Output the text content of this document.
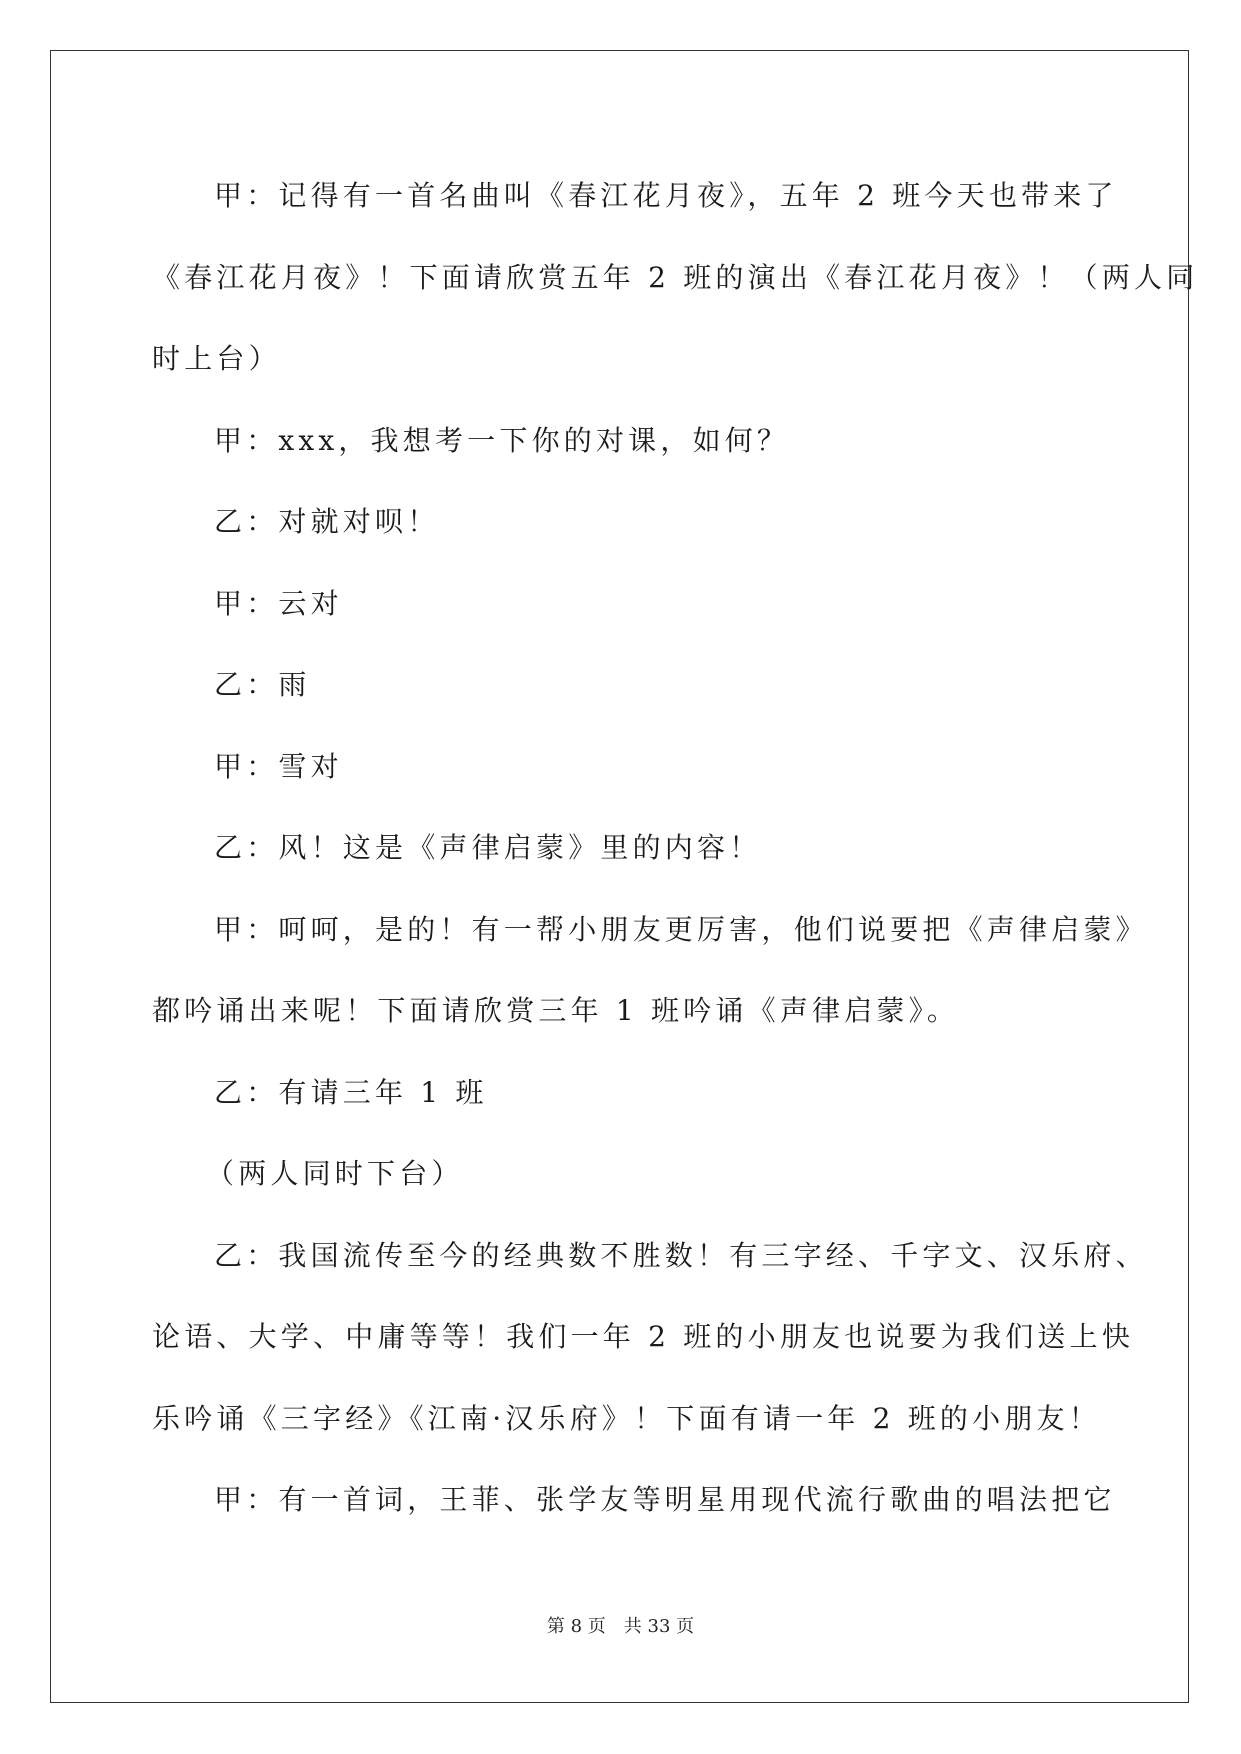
甲：记得有一首名曲叫《春江花月夜》，五年 2 班今天也带来了
《春江花月夜》！下面请欣赏五年 2 班的演出《春江花月夜》！（两人同
时上台）
甲：xxx，我想考一下你的对课，如何？
乙：对就对呗！
甲：云对
乙：雨
甲：雪对
乙：风！这是《声律启蒙》里的内容！
甲：呵呵，是的！有一帮小朋友更厉害，他们说要把《声律启蒙》
都吟诵出来呢！下面请欣赏三年 1 班吟诵《声律启蒙》。
乙：有请三年 1 班
（两人同时下台）
乙：我国流传至今的经典数不胜数！有三字经、千字文、汉乐府、
论语、大学、中庸等等！我们一年 2 班的小朋友也说要为我们送上快
乐吟诵《三字经》《江南·汉乐府》！下面有请一年 2 班的小朋友！
甲：有一首词，王菲、张学友等明星用现代流行歌曲的唱法把它
第 8 页　共 33 页
